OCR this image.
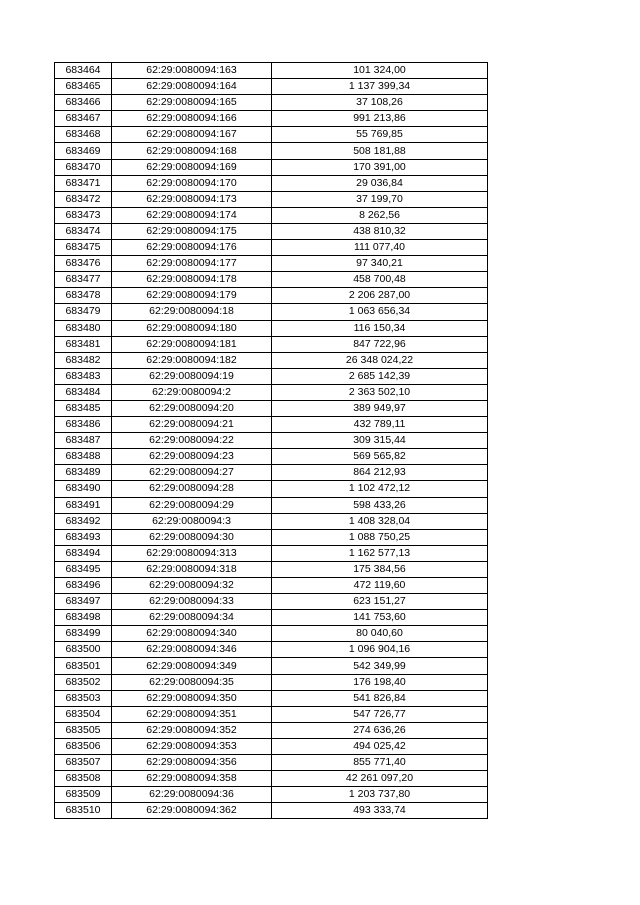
683464	62:29:0080094:163	101 324,00
683465	62:29:0080094:164	1 137 399,34
683466	62:29:0080094:165	37 108,26
683467	62:29:0080094:166	991 213,86
683468	62:29:0080094:167	55 769,85
683469	62:29:0080094:168	508 181,88
683470	62:29:0080094:169	170 391,00
683471	62:29:0080094:170	29 036,84
683472	62:29:0080094:173	37 199,70
683473	62:29:0080094:174	8 262,56
683474	62:29:0080094:175	438 810,32
683475	62:29:0080094:176	111 077,40
683476	62:29:0080094:177	97 340,21
683477	62:29:0080094:178	458 700,48
683478	62:29:0080094:179	2 206 287,00
683479	62:29:0080094:18	1 063 656,34
683480	62:29:0080094:180	116 150,34
683481	62:29:0080094:181	847 722,96
683482	62:29:0080094:182	26 348 024,22
683483	62:29:0080094:19	2 685 142,39
683484	62:29:0080094:2	2 363 502,10
683485	62:29:0080094:20	389 949,97
683486	62:29:0080094:21	432 789,11
683487	62:29:0080094:22	309 315,44
683488	62:29:0080094:23	569 565,82
683489	62:29:0080094:27	864 212,93
683490	62:29:0080094:28	1 102 472,12
683491	62:29:0080094:29	598 433,26
683492	62:29:0080094:3	1 408 328,04
683493	62:29:0080094:30	1 088 750,25
683494	62:29:0080094:313	1 162 577,13
683495	62:29:0080094:318	175 384,56
683496	62:29:0080094:32	472 119,60
683497	62:29:0080094:33	623 151,27
683498	62:29:0080094:34	141 753,60
683499	62:29:0080094:340	80 040,60
683500	62:29:0080094:346	1 096 904,16
683501	62:29:0080094:349	542 349,99
683502	62:29:0080094:35	176 198,40
683503	62:29:0080094:350	541 826,84
683504	62:29:0080094:351	547 726,77
683505	62:29:0080094:352	274 636,26
683506	62:29:0080094:353	494 025,42
683507	62:29:0080094:356	855 771,40
683508	62:29:0080094:358	42 261 097,20
683509	62:29:0080094:36	1 203 737,80
683510	62:29:0080094:362	493 333,74
